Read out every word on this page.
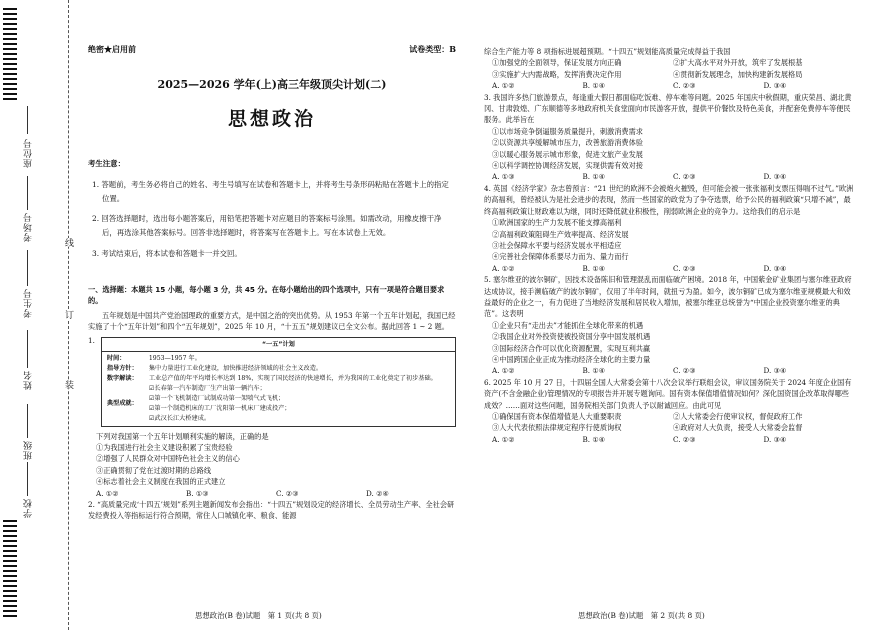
座位号
考场号
考生号
姓名
班级
学校
线
订
装
绝密★启用前	试卷类型：B
2025—2026 学年(上)高三年级顶尖计划(二)
思想政治

考生注意：

1. 答题前，考生务必将自己的姓名、考生号填写在试卷和答题卡上，并将考生号条形码粘贴在答题卡上的指定位置。

2. 回答选择题时，选出每小题答案后，用铅笔把答题卡对应题目的答案标号涂黑。如需改动，用橡皮擦干净后，再选涂其他答案标号。回答非选择题时，将答案写在答题卡上。写在本试卷上无效。

3. 考试结束后，将本试卷和答题卡一并交回。

一、选择题：本题共 15 小题，每小题 3 分，共 45 分。在每小题给出的四个选项中，只有一项是符合题目要求的。

五年规划是中国共产党治国理政的重要方式，是中国之治的突出优势。从 1953 年第一个五年计划起，我国已经实施了十个“五年计划”和四个“五年规划”，2025 年 10 月，“十五五”规划建议已全文公布。据此回答 1 ~ 2 题。

1.	“一五”计划
时间：	1953—1957 年。
指导方针：	集中力量进行工业化建设，加快推进经济领域的社会主义改造。
数字解读：	工业总产值的年平均增长率达到 18%，实现了国民经济的快速增长，并为我国的工业化奠定了初步基础。
典型成就：
☑长春第一汽车制造厂生产出第一辆汽车；
☑第一个飞机制造厂试制成功第一架喷气式飞机；
☑第一个制造机床的工厂沈阳第一机床厂建成投产；
☑武汉长江大桥建成。

下列对我国第一个五年计划順利实施的解读，正确的是

①为我国进行社会主义建设积累了宝贵经验

②增强了人民群众对中国特色社会主义的信心

③正确贯彻了党在过渡时期的总路线

④标志着社会主义制度在我国的正式建立

A. ①②	B. ①③	C. ②③	D. ②④

2. “高质量完成‘十四五’规划”系列主题新闻发布会指出：“十四五”规划设定的经济增长、全员劳动生产率、全社会研发经费投入等指标运行符合预期，常住人口城镇化率、粮食、能源

思想政治(B 卷)试题　第 1 页(共 8 页)

综合生产能力等 8 项指标进展超预期。“十四五”规划能高质量完成得益于我国

①加强党的全面领导，保证发展方向正确	②扩大高水平对外开放，筑牢了发展根基
③实施扩大内需战略，发挥消费决定作用	④贯彻新发展理念，加快构建新发展格局
A. ①②	B. ①④	C. ②③	D. ③④

3. 我国许多热门旅游景点，每逢重大假日都面临吃饭难、停车难等问题。2025 年国庆中秋假期，重庆荣昌、湖北黄冈、甘肃敦煌、广东顺德等多地政府机关食堂面向市民游客开放，提供平价餐饮及特色美食，并配套免费停车等便民服务。此举旨在

①以市场竞争倒逼服务质量提升，刺激消费需求

②以资源共享缓解城市压力，改善旅游消费体验

③以暖心服务展示城市形象，促进文旅产业发展

④以科学调控协调经济发展，实现供需有效对接

A. ①③	B. ①④	C. ②③	D. ③④

4. 英国《经济学家》杂志曾预言：“21 世纪的欧洲不会被炮火摧毁，但可能会被一张张福利支票压得喘不过气。”欧洲的高福利，曾经被认为是社会进步的表现，然而一些国家的政党为了争夺选票，给予公民的福利政策“只增不减”，最终高福利政策让财政难以为继，同时还降低就业积极性，削弱欧洲企业的竞争力。这给我们的启示是

①欧洲国家的生产力发展不能支撑高福利

②高福利政策阻碍生产效率提高、经济发展

③社会保障水平要与经济发展水平相适应

④完善社会保障体系要尽力而为、量力而行

A. ①②	B. ①④	C. ②③	D. ③④

5. 塞尔维亚的波尔铜矿，因技术设备陈旧和管理混乱而面临破产困境。2018 年，中国紫金矿业集团与塞尔维亚政府达成协议，接手濒临破产的波尔铜矿，仅用了半年时间，就扭亏为盈。如今，波尔铜矿已成为塞尔维亚规模最大和效益最好的企业之一，有力促进了当地经济发展和居民收入增加，被塞尔维亚总统誉为“中国企业投资塞尔维亚的典范”。这表明

①企业只有“走出去”才能抓住全球化带来的机遇

②我国企业对外投资使被投资国分享中国发展机遇

③国际经济合作可以优化资源配置，实现互利共赢

④中国跨国企业正成为推动经济全球化的主要力量

A. ①②	B. ①④	C. ②③	D. ③④

6. 2025 年 10 月 27 日，十四届全国人大常委会第十八次会议举行联组会议，审议国务院关于 2024 年度企业国有资产(不含金融企业)管理情况的专项报告并开展专题询问。国有资本保值增值情况如何？深化国资国企改革取得哪些成效？……面对这些问题，国务院相关部门负责人予以耐诚回应。由此可见

①确保国有资本保值增值是人大重要职责	②人大常委会行使审议权，督促政府工作
③人大代表依照法律规定程序行使质询权	④政府对人大负责，接受人大常委会监督
A. ①②	B. ①④	C. ②③	D. ③④
思想政治(B 卷)试题　第 2 页(共 8 页)
